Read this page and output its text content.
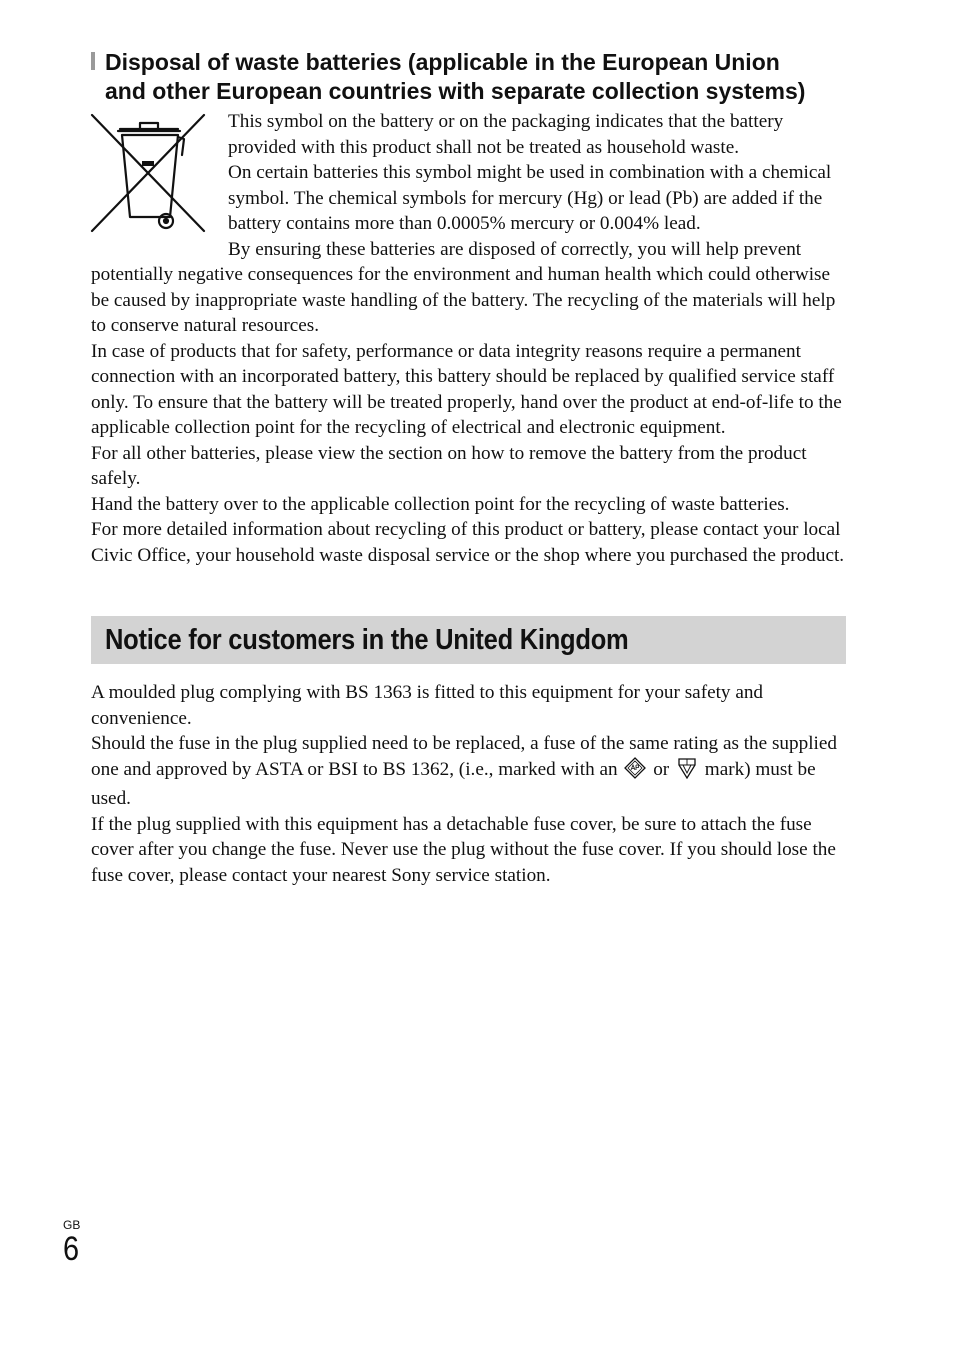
Disposal of waste batteries (applicable in the European Union
and other European countries with separate collection systems)

This symbol on the battery or on the packaging indicates that the battery provided with this product shall not be treated as household waste.

On certain batteries this symbol might be used in combination with a chemical symbol. The chemical symbols for mercury (Hg) or lead (Pb) are added if the battery contains more than 0.0005% mercury or 0.004% lead.

By ensuring these batteries are disposed of correctly, you will help prevent potentially negative consequences for the environment and human health which could otherwise be caused by inappropriate waste handling of the battery. The recycling of the materials will help to conserve natural resources.

In case of products that for safety, performance or data integrity reasons require a permanent connection with an incorporated battery, this battery should be replaced by qualified service staff only. To ensure that the battery will be treated properly, hand over the product at end-of-life to the applicable collection point for the recycling of electrical and electronic equipment.

For all other batteries, please view the section on how to remove the battery from the product safely.

Hand the battery over to the applicable collection point for the recycling of waste batteries.

For more detailed information about recycling of this product or battery, please contact your local Civic Office, your household waste disposal service or the shop where you purchased the product.

Notice for customers in the United Kingdom

A moulded plug complying with BS 1363 is fitted to this equipment for your safety and convenience.

Should the fuse in the plug supplied need to be replaced, a fuse of the same rating as the supplied one and approved by ASTA or BSI to BS 1362, (i.e., marked with an or mark) must be used.

If the plug supplied with this equipment has a detachable fuse cover, be sure to attach the fuse cover after you change the fuse. Never use the plug without the fuse cover. If you should lose the fuse cover, please contact your nearest Sony service station.

GB
6
